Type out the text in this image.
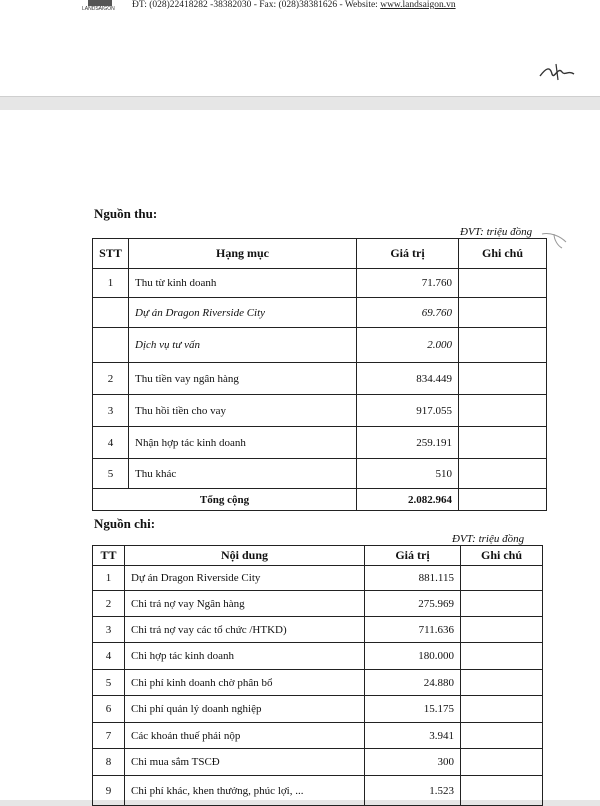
LANDSAIGON ĐT: (028)22418282 -38382030 - Fax: (028)38381626 - Website: www.landsaigon.vn
Nguồn thu:
ĐVT: triệu đồng
STT	Hạng mục	Giá trị	Ghi chú
1	Thu từ kinh doanh	71.760	
	Dự án Dragon Riverside City	69.760	
	Dịch vụ tư vấn	2.000	
2	Thu tiền vay ngân hàng	834.449	
3	Thu hồi tiền cho vay	917.055	
4	Nhận hợp tác kinh doanh	259.191	
5	Thu khác	510	
Tổng cộng		2.082.964	
Nguồn chi:
ĐVT: triệu đồng
TT	Nội dung	Giá trị	Ghi chú
1	Dự án Dragon Riverside City	881.115	
2	Chi trả nợ vay Ngân hàng	275.969	
3	Chi trả nợ vay các tổ chức /HTKD)	711.636	
4	Chi hợp tác kinh doanh	180.000	
5	Chi phí kinh doanh chờ phân bổ	24.880	
6	Chi phí quản lý doanh nghiệp	15.175	
7	Các khoản thuế phải nộp	3.941	
8	Chi mua sắm TSCĐ	300	
9	Chi phí khác, khen thưởng, phúc lợi, ...	1.523	
